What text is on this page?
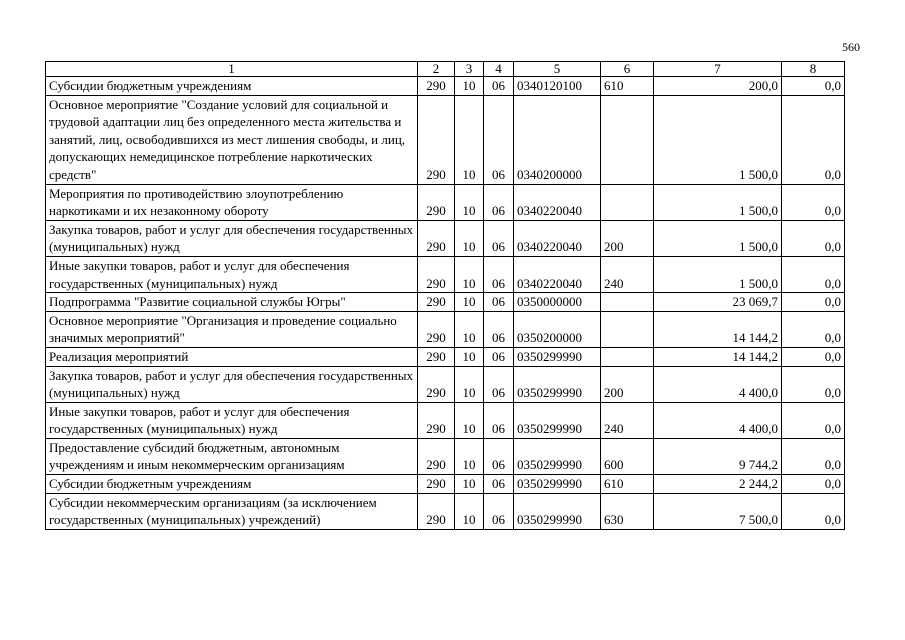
560
1	2	3	4	5	6	7	8
Субсидии бюджетным учреждениям	290	10	06	0340120100	610	200,0	0,0
Основное мероприятие "Создание условий для социальной и трудовой адаптации лиц без определенного места жительства и занятий, лиц, освободившихся из мест лишения свободы, и лиц, допускающих немедицинское потребление наркотических средств"	290	10	06	0340200000		1 500,0	0,0
Мероприятия по противодействию злоупотреблению наркотиками и их незаконному обороту	290	10	06	0340220040		1 500,0	0,0
Закупка товаров, работ и услуг для обеспечения государственных (муниципальных) нужд	290	10	06	0340220040	200	1 500,0	0,0
Иные закупки товаров, работ и услуг для обеспечения государственных (муниципальных) нужд	290	10	06	0340220040	240	1 500,0	0,0
Подпрограмма "Развитие социальной службы Югры"	290	10	06	0350000000		23 069,7	0,0
Основное мероприятие "Организация и проведение социально значимых мероприятий"	290	10	06	0350200000		14 144,2	0,0
Реализация мероприятий	290	10	06	0350299990		14 144,2	0,0
Закупка товаров, работ и услуг для обеспечения государственных (муниципальных) нужд	290	10	06	0350299990	200	4 400,0	0,0
Иные закупки товаров, работ и услуг для обеспечения государственных (муниципальных) нужд	290	10	06	0350299990	240	4 400,0	0,0
Предоставление субсидий бюджетным, автономным учреждениям и иным некоммерческим организациям	290	10	06	0350299990	600	9 744,2	0,0
Субсидии бюджетным учреждениям	290	10	06	0350299990	610	2 244,2	0,0
Субсидии некоммерческим организациям (за исключением государственных (муниципальных) учреждений)	290	10	06	0350299990	630	7 500,0	0,0
